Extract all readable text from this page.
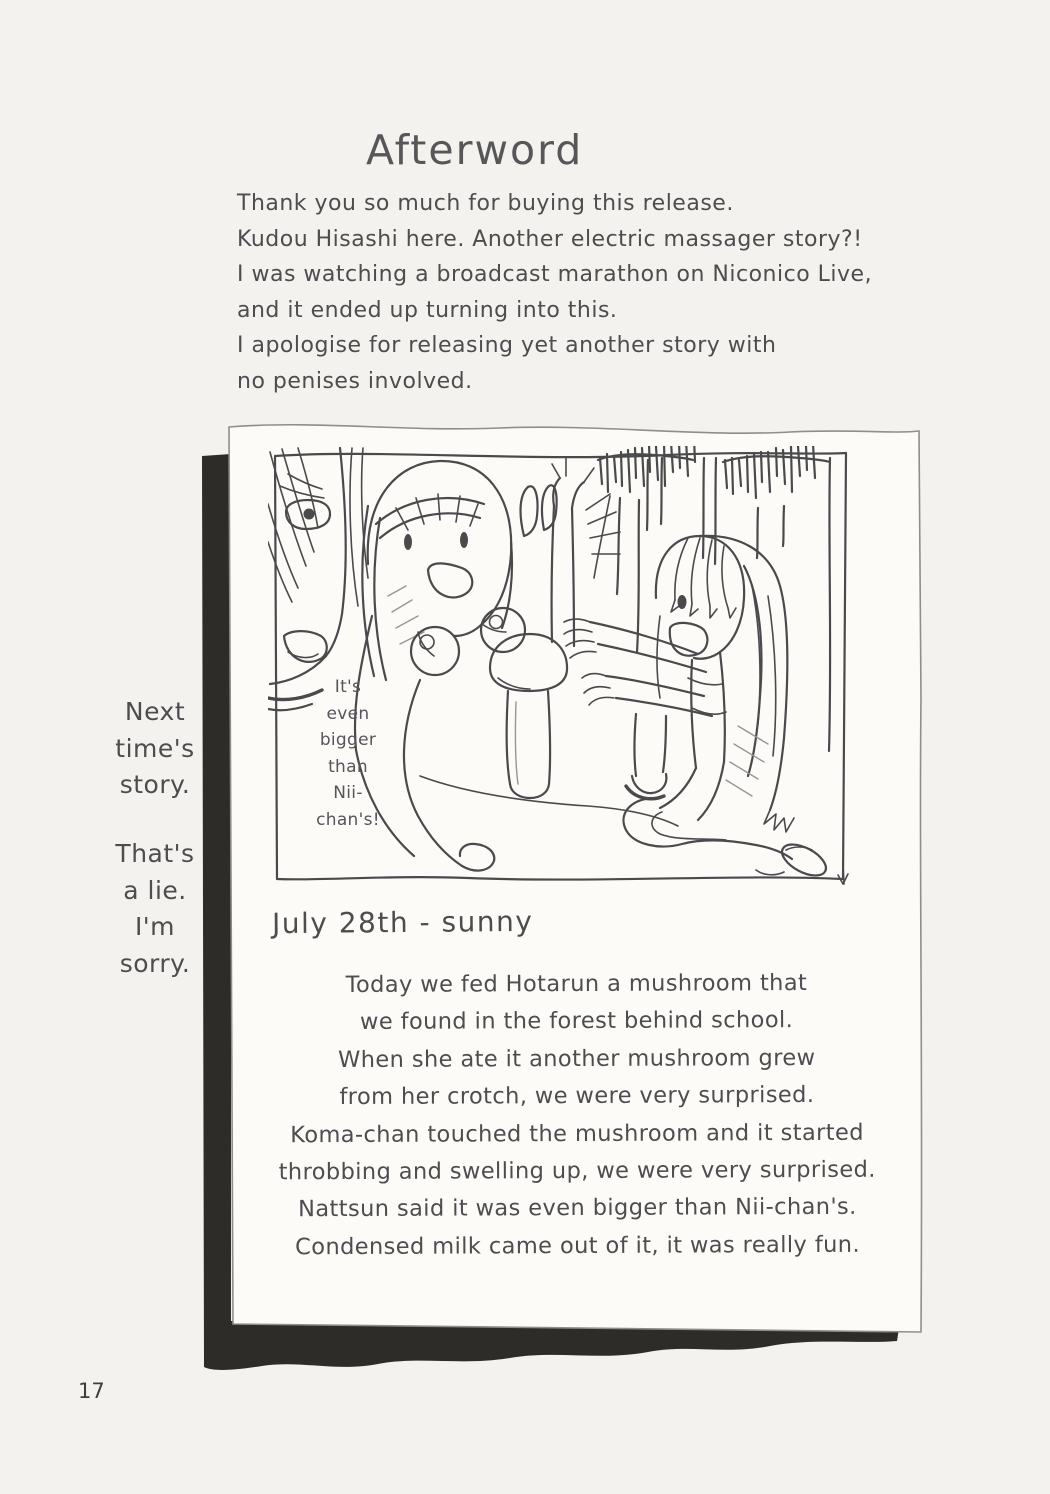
Afterword
Thank you so much for buying this release.
Kudou Hisashi here. Another electric massager story?!
I was watching a broadcast marathon on Niconico Live,
and it ended up turning into this.
I apologise for releasing yet another story with
no penises involved.
Next
time's
story.
That's
a lie.
I'm
sorry.
It's
even
bigger
than
Nii-
chan's!
July 28th - sunny
Today we fed Hotarun a mushroom that
we found in the forest behind school.
When she ate it another mushroom grew
from her crotch, we were very surprised.
Koma-chan touched the mushroom and it started
throbbing and swelling up, we were very surprised.
Nattsun said it was even bigger than Nii-chan's.
Condensed milk came out of it, it was really fun.
17
